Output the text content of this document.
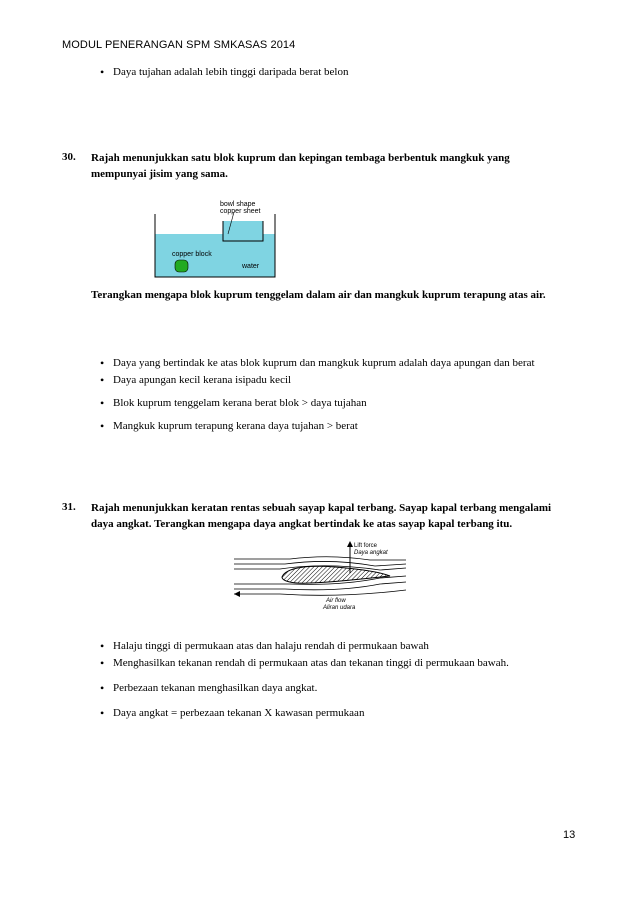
MODUL PENERANGAN SPM SMKASAS 2014
• Daya tujahan adalah lebih tinggi daripada berat belon
30. Rajah menunjukkan satu blok kuprum dan kepingan tembaga berbentuk mangkuk yang mempunyai jisim yang sama.
bowl shape
copper sheet
copper block
water
Terangkan mengapa blok kuprum tenggelam dalam air dan mangkuk kuprum terapung atas air.
• Daya yang bertindak ke atas blok kuprum dan mangkuk kuprum adalah daya apungan dan berat
• Daya apungan kecil kerana isipadu kecil
• Blok kuprum tenggelam kerana berat blok > daya tujahan
• Mangkuk kuprum terapung kerana daya tujahan > berat
31. Rajah menunjukkan keratan rentas sebuah sayap kapal terbang. Sayap kapal terbang mengalami daya angkat. Terangkan mengapa daya angkat bertindak ke atas sayap kapal terbang itu.
Lift force
Daya angkat
Air flow
Aliran udara
• Halaju tinggi di permukaan atas dan halaju rendah di permukaan bawah
• Menghasilkan tekanan rendah di permukaan atas dan tekanan tinggi di permukaan bawah.
• Perbezaan tekanan menghasilkan daya angkat.
• Daya angkat = perbezaan tekanan X kawasan permukaan
13
